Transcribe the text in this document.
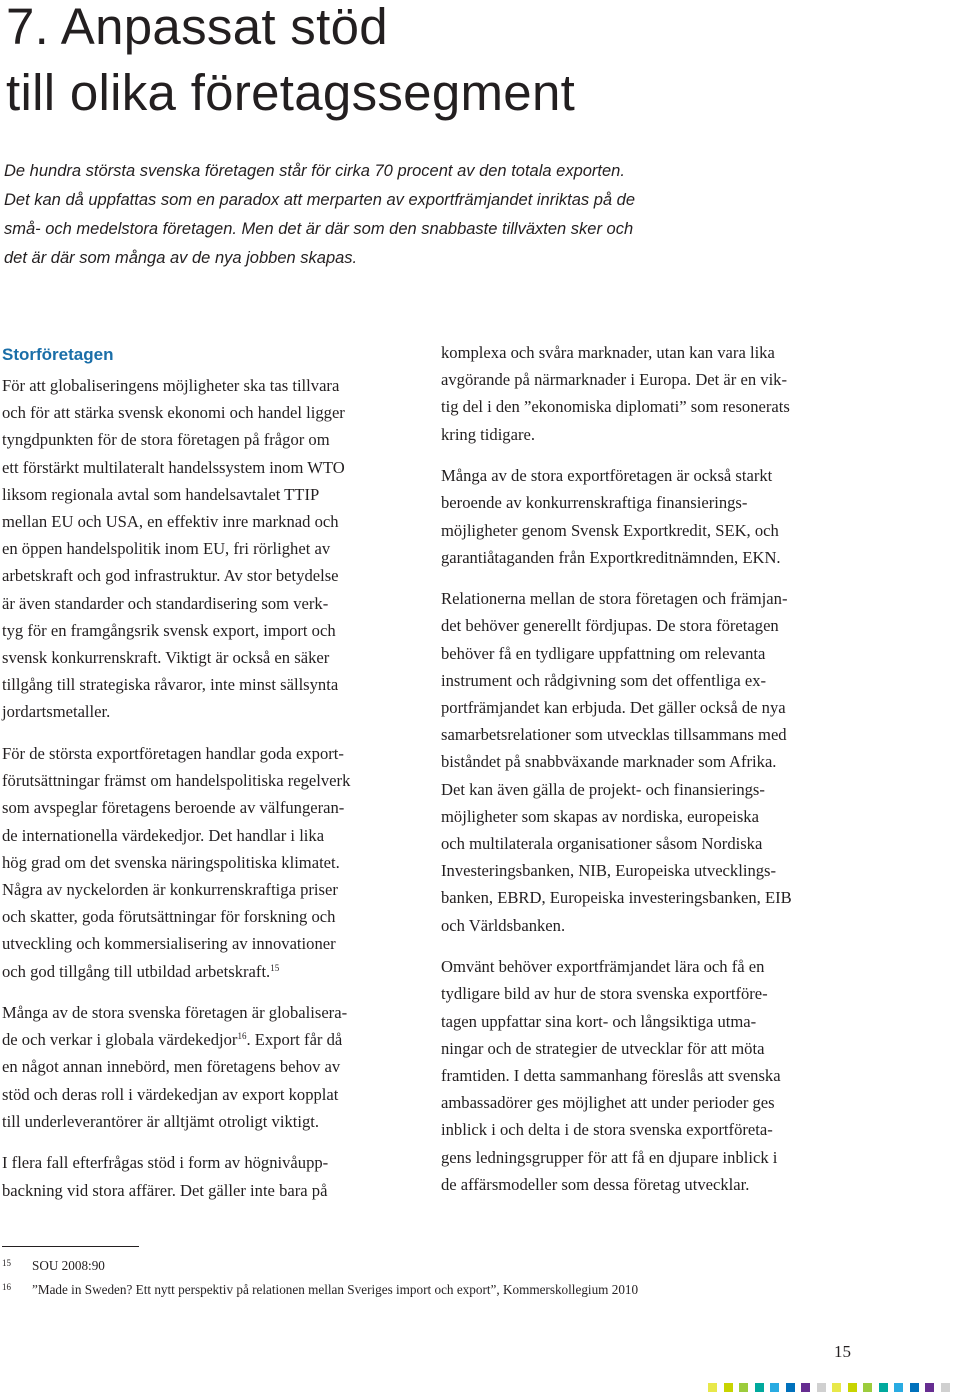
7. Anpassat stöd
till olika företagssegment
De hundra största svenska företagen står för cirka 70 procent av den totala exporten.
Det kan då uppfattas som en paradox att merparten av exportfrämjandet inriktas på de
små- och medelstora företagen. Men det är där som den snabbaste tillväxten sker och
det är där som många av de nya jobben skapas.
Storföretagen

För att globaliseringens möjligheter ska tas tillvara
och för att stärka svensk ekonomi och handel ligger
tyngdpunkten för de stora företagen på frågor om
ett förstärkt multilateralt handelssystem inom WTO
liksom regionala avtal som handelsavtalet TTIP
mellan EU och USA, en effektiv inre marknad och
en öppen handelspolitik inom EU, fri rörlighet av
arbetskraft och god infrastruktur. Av stor betydelse
är även standarder och standardisering som verk-
tyg för en framgångsrik svensk export, import och
svensk konkurrenskraft. Viktigt är också en säker
tillgång till strategiska råvaror, inte minst sällsynta
jordartsmetaller.

För de största exportföretagen handlar goda export-
förutsättningar främst om handelspolitiska regelverk
som avspeglar företagens beroende av välfungeran-
de internationella värdekedjor. Det handlar i lika
hög grad om det svenska näringspolitiska klimatet.
Några av nyckelorden är konkurrenskraftiga priser
och skatter, goda förutsättningar för forskning och
utveckling och kommersialisering av innovationer
och god tillgång till utbildad arbetskraft.$^{15}$

Många av de stora svenska företagen är globalisera-
de och verkar i globala värdekedjor$^{16}$. Export får då
en något annan innebörd, men företagens behov av
stöd och deras roll i värdekedjan av export kopplat
till underleverantörer är alltjämt otroligt viktigt.

I flera fall efterfrågas stöd i form av högnivåupp-
backning vid stora affärer. Det gäller inte bara på

komplexa och svåra marknader, utan kan vara lika
avgörande på närmarknader i Europa. Det är en vik-
tig del i den ”ekonomiska diplomati” som resonerats
kring tidigare.

Många av de stora exportföretagen är också starkt
beroende av konkurrenskraftiga finansierings-
möjligheter genom Svensk Exportkredit, SEK, och
garantiåtaganden från Exportkreditnämnden, EKN.

Relationerna mellan de stora företagen och främjan-
det behöver generellt fördjupas. De stora företagen
behöver få en tydligare uppfattning om relevanta
instrument och rådgivning som det offentliga ex-
portfrämjandet kan erbjuda. Det gäller också de nya
samarbetsrelationer som utvecklas tillsammans med
biståndet på snabbväxande marknader som Afrika.
Det kan även gälla de projekt- och finansierings-
möjligheter som skapas av nordiska, europeiska
och multilaterala organisationer såsom Nordiska
Investeringsbanken, NIB, Europeiska utvecklings-
banken, EBRD, Europeiska investeringsbanken, EIB
och Världsbanken.

Omvänt behöver exportfrämjandet lära och få en
tydligare bild av hur de stora svenska exportföre-
tagen uppfattar sina kort- och långsiktiga utma-
ningar och de strategier de utvecklar för att möta
framtiden. I detta sammanhang föreslås att svenska
ambassadörer ges möjlighet att under perioder ges
inblick i och delta i de stora svenska exportföreta-
gens ledningsgrupper för att få en djupare inblick i
de affärsmodeller som dessa företag utvecklar.

15 SOU 2008:90
16 ”Made in Sweden? Ett nytt perspektiv på relationen mellan Sveriges import och export”, Kommerskollegium 2010
15
